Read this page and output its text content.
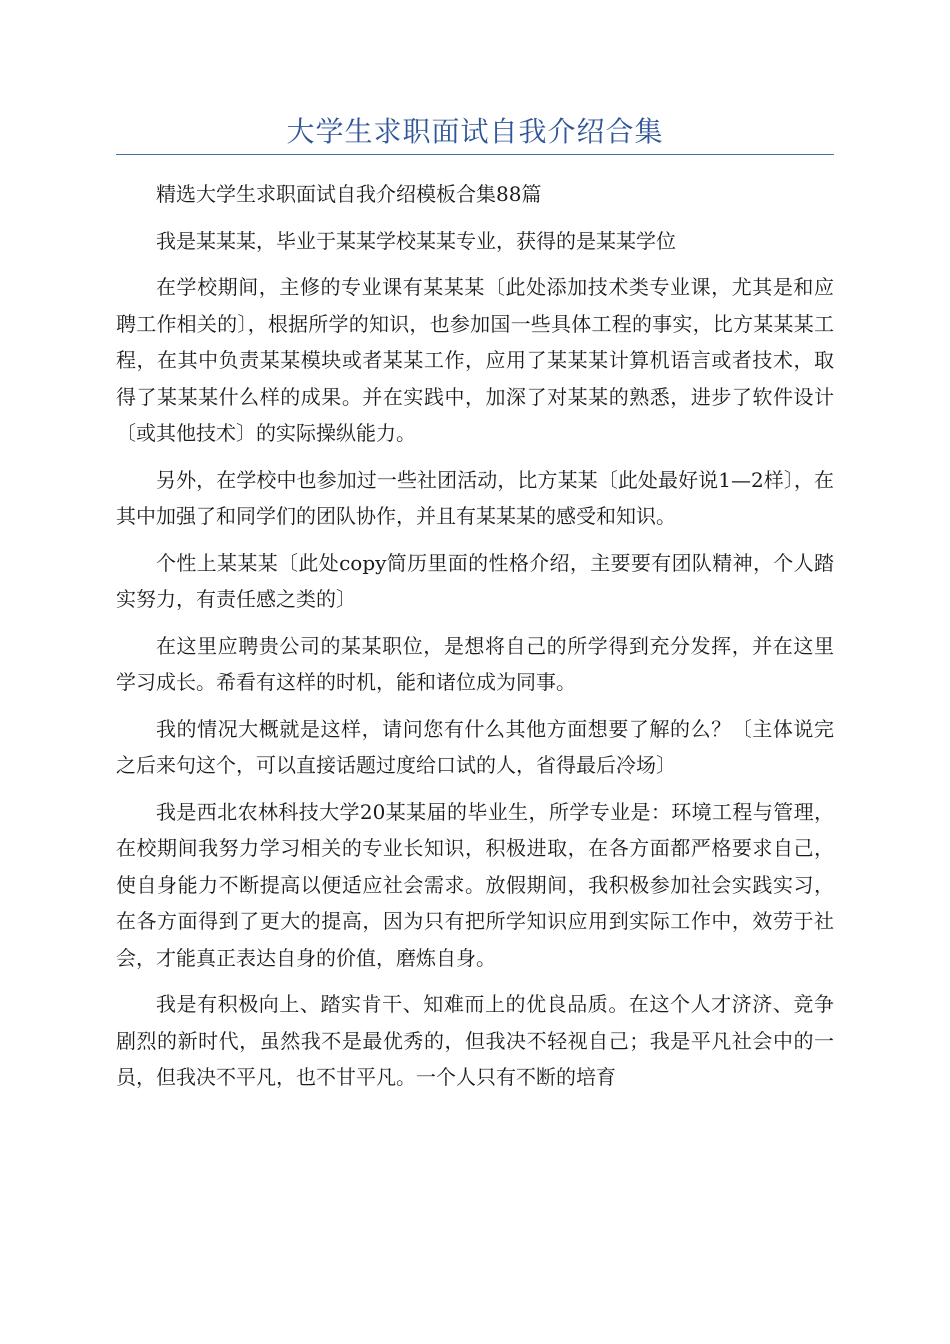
大学生求职面试自我介绍合集

精选大学生求职面试自我介绍模板合集88篇

我是某某某，毕业于某某学校某某专业，获得的是某某学位

在学校期间，主修的专业课有某某某〔此处添加技术类专业课，尤其是和应聘工作相关的〕，根据所学的知识，也参加国一些具体工程的事实，比方某某某工程，在其中负责某某模块或者某某工作，应用了某某某计算机语言或者技术，取得了某某某什么样的成果。并在实践中，加深了对某某的熟悉，进步了软件设计〔或其他技术〕的实际操纵能力。

另外，在学校中也参加过一些社团活动，比方某某〔此处最好说1—2样〕，在其中加强了和同学们的团队协作，并且有某某某的感受和知识。

个性上某某某〔此处copy简历里面的性格介绍，主要要有团队精神，个人踏实努力，有责任感之类的〕

在这里应聘贵公司的某某职位，是想将自己的所学得到充分发挥，并在这里学习成长。希看有这样的时机，能和诸位成为同事。

我的情况大概就是这样，请问您有什么其他方面想要了解的么？〔主体说完之后来句这个，可以直接话题过度给口试的人，省得最后冷场〕

我是西北农林科技大学20某某届的毕业生，所学专业是：环境工程与管理，在校期间我努力学习相关的专业长知识，积极进取，在各方面都严格要求自己，使自身能力不断提高以便适应社会需求。放假期间，我积极参加社会实践实习，在各方面得到了更大的提高，因为只有把所学知识应用到实际工作中，效劳于社会，才能真正表达自身的价值，磨炼自身。

我是有积极向上、踏实肯干、知难而上的优良品质。在这个人才济济、竞争剧烈的新时代，虽然我不是最优秀的，但我决不轻视自己；我是平凡社会中的一员，但我决不平凡，也不甘平凡。一个人只有不断的培育
